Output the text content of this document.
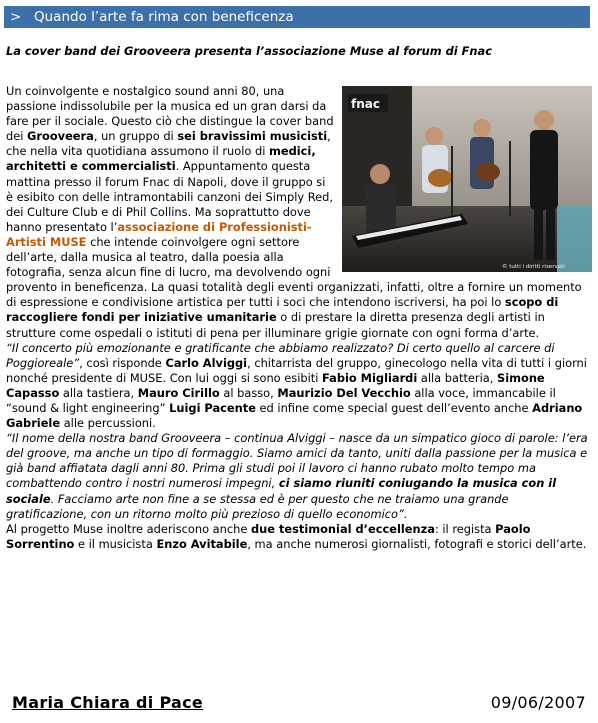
> Quando l’arte fa rima con beneficenza
La cover band dei Grooveera presenta l’associazione Muse al forum di Fnac
fnac
© tutti i diritti riservati

Un coinvolgente e nostalgico sound anni 80, una passione indissolubile per la musica ed un gran darsi da fare per il sociale. Questo ciò che distingue la cover band dei Grooveera, un gruppo di sei bravissimi musicisti, che nella vita quotidiana assumono il ruolo di medici, architetti e commercialisti. Appuntamento questa mattina presso il forum Fnac di Napoli, dove il gruppo si è esibito con delle intramontabili canzoni dei Simply Red, dei Culture Club e di Phil Collins. Ma soprattutto dove hanno presentato l’associazione di Professionisti-Artisti MUSE che intende coinvolgere ogni settore dell’arte, dalla musica al teatro, dalla poesia alla fotografia, senza alcun fine di lucro, ma devolvendo ogni provento in beneficenza. La quasi totalità degli eventi organizzati, infatti, oltre a fornire un momento di espressione e condivisione artistica per tutti i soci che intendono iscriversi, ha poi lo scopo di raccogliere fondi per iniziative umanitarie o di prestare la diretta presenza degli artisti in strutture come ospedali o istituti di pena per illuminare grigie giornate con ogni forma d’arte.

“Il concerto più emozionante e gratificante che abbiamo realizzato? Di certo quello al carcere di Poggioreale”, così risponde Carlo Alviggi, chitarrista del gruppo, ginecologo nella vita di tutti i giorni nonché presidente di MUSE. Con lui oggi si sono esibiti Fabio Migliardi alla batteria, Simone Capasso alla tastiera, Mauro Cirillo al basso, Maurizio Del Vecchio alla voce, immancabile il “sound & light engineering” Luigi Pacente ed infine come special guest dell’evento anche Adriano Gabriele alle percussioni.

“Il nome della nostra band Grooveera – continua Alviggi – nasce da un simpatico gioco di parole: l’era del groove, ma anche un tipo di formaggio. Siamo amici da tanto, uniti dalla passione per la musica e già band affiatata dagli anni 80. Prima gli studi poi il lavoro ci hanno rubato molto tempo ma combattendo contro i nostri numerosi impegni, ci siamo riuniti coniugando la musica con il sociale. Facciamo arte non fine a se stessa ed è per questo che ne traiamo una grande gratificazione, con un ritorno molto più prezioso di quello economico”.

Al progetto Muse inoltre aderiscono anche due testimonial d’eccellenza: il regista Paolo Sorrentino e il musicista Enzo Avitabile, ma anche numerosi giornalisti, fotografi e storici dell’arte.

Maria Chiara di Pace	09/06/2007
